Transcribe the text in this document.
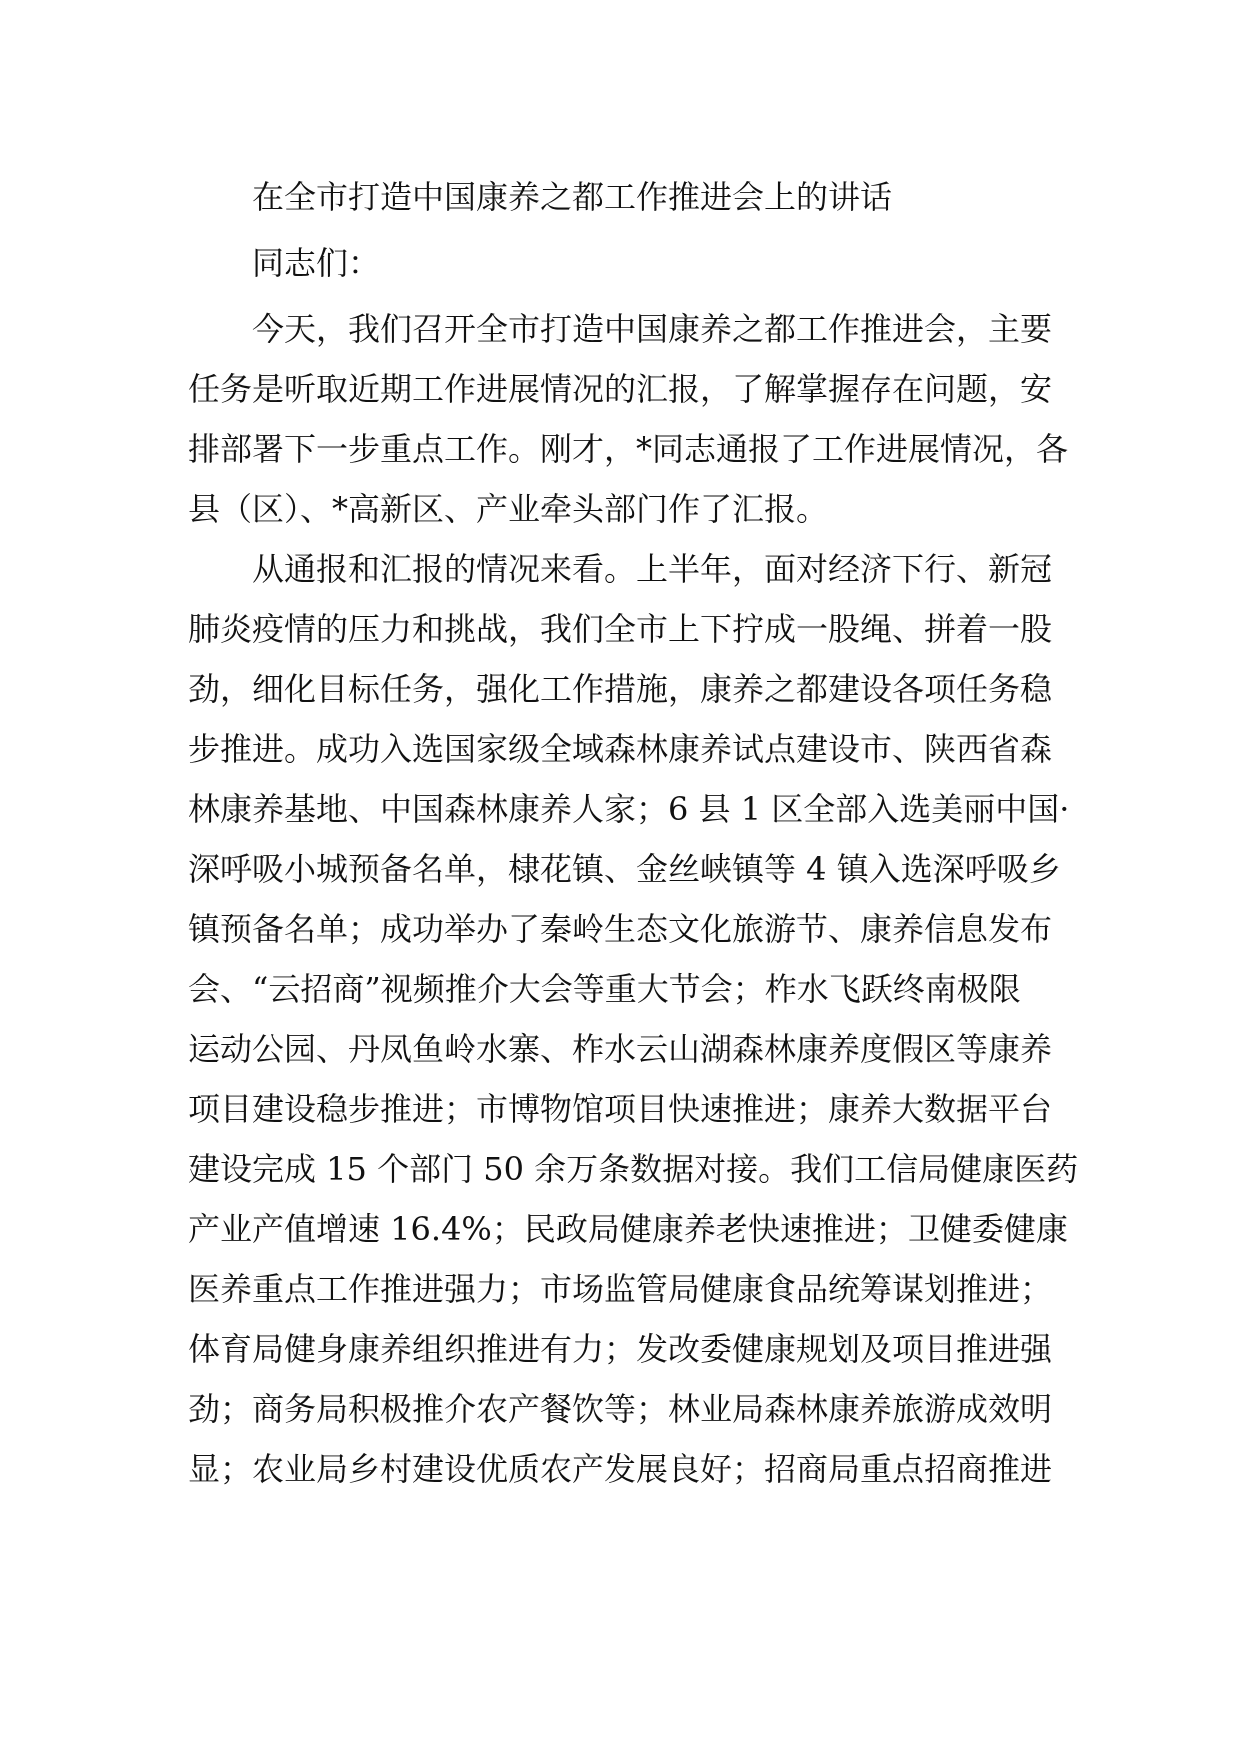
在全市打造中国康养之都工作推进会上的讲话
同志们：
今天，我们召开全市打造中国康养之都工作推进会，主要
任务是听取近期工作进展情况的汇报，了解掌握存在问题，安
排部署下一步重点工作。刚才，*同志通报了工作进展情况，各
县（区）、*高新区、产业牵头部门作了汇报。
从通报和汇报的情况来看。上半年，面对经济下行、新冠
肺炎疫情的压力和挑战，我们全市上下拧成一股绳、拼着一股
劲，细化目标任务，强化工作措施，康养之都建设各项任务稳
步推进。成功入选国家级全域森林康养试点建设市、陕西省森
林康养基地、中国森林康养人家；6 县 1 区全部入选美丽中国·
深呼吸小城预备名单，棣花镇、金丝峡镇等 4 镇入选深呼吸乡
镇预备名单；成功举办了秦岭生态文化旅游节、康养信息发布
会、“云招商”视频推介大会等重大节会；柞水飞跃终南极限
运动公园、丹凤鱼岭水寨、柞水云山湖森林康养度假区等康养
项目建设稳步推进；市博物馆项目快速推进；康养大数据平台
建设完成 15 个部门 50 余万条数据对接。我们工信局健康医药
产业产值增速 16.4%；民政局健康养老快速推进；卫健委健康
医养重点工作推进强力；市场监管局健康食品统筹谋划推进；
体育局健身康养组织推进有力；发改委健康规划及项目推进强
劲；商务局积极推介农产餐饮等；林业局森林康养旅游成效明
显；农业局乡村建设优质农产发展良好；招商局重点招商推进
